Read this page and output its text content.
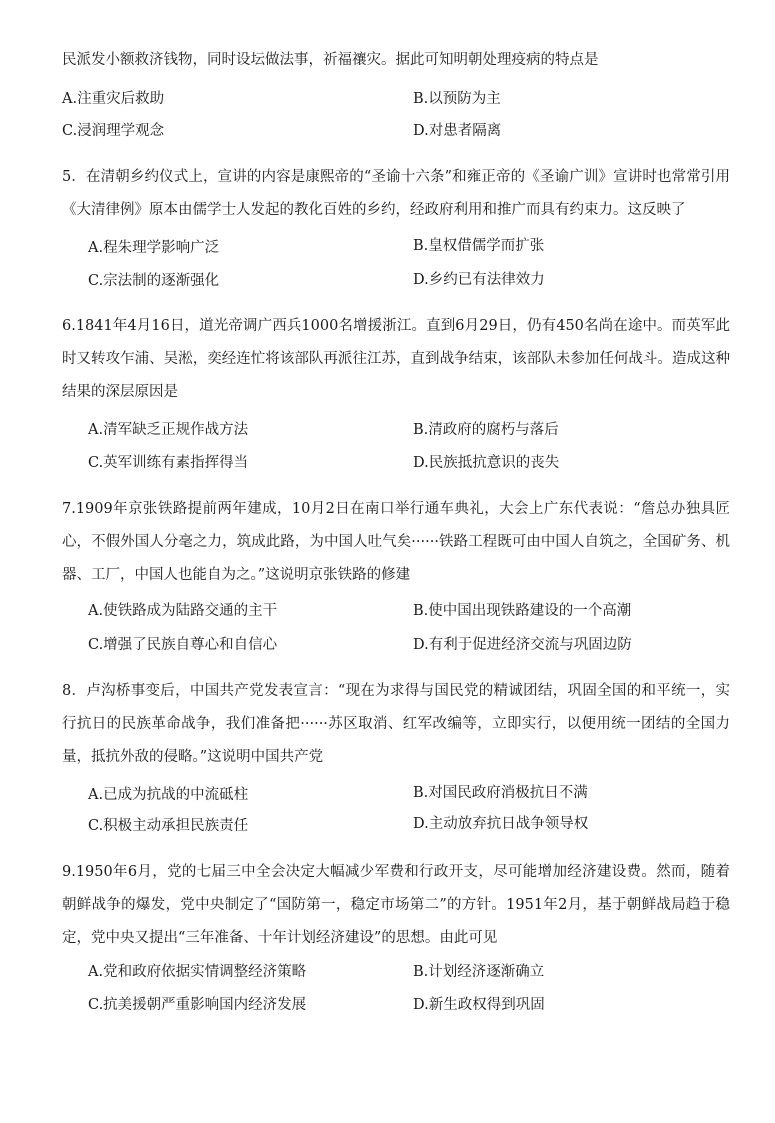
民派发小额救济钱物，同时设坛做法事，祈福禳灾。据此可知明朝处理疫病的特点是

A.注重灾后救助	B.以预防为主
C.浸润理学观念	D.对患者隔离

5．在清朝乡约仪式上，宣讲的内容是康熙帝的“圣谕十六条”和雍正帝的《圣谕广训》宣讲时也常常引用《大清律例》原本由儒学士人发起的教化百姓的乡约，经政府利用和推广而具有约束力。这反映了

A.程朱理学影响广泛	B.皇权借儒学而扩张
C.宗法制的逐渐强化	D.乡约已有法律效力

6.1841年4月16日，道光帝调广西兵1000名增援浙江。直到6月29日，仍有450名尚在途中。而英军此时又转攻乍浦、吴淞，奕经连忙将该部队再派往江苏，直到战争结束，该部队未参加任何战斗。造成这种结果的深层原因是

A.清军缺乏正规作战方法	B.清政府的腐朽与落后
C.英军训练有素指挥得当	D.民族抵抗意识的丧失

7.1909年京张铁路提前两年建成，10月2日在南口举行通车典礼，大会上广东代表说：“詹总办独具匠心，不假外国人分毫之力，筑成此路，为中国人吐气矣······铁路工程既可由中国人自筑之，全国矿务、机器、工厂，中国人也能自为之。”这说明京张铁路的修建

A.使铁路成为陆路交通的主干	B.使中国出现铁路建设的一个高潮
C.增强了民族自尊心和自信心	D.有利于促进经济交流与巩固边防

8．卢沟桥事变后，中国共产党发表宣言：“现在为求得与国民党的精诚团结，巩固全国的和平统一，实行抗日的民族革命战争，我们准备把······苏区取消、红军改编等，立即实行，以便用统一团结的全国力量，抵抗外敌的侵略。”这说明中国共产党

A.已成为抗战的中流砥柱	B.对国民政府消极抗日不满
C.积极主动承担民族责任	D.主动放弃抗日战争领导权

9.1950年6月，党的七届三中全会决定大幅减少军费和行政开支，尽可能增加经济建设费。然而，随着朝鲜战争的爆发，党中央制定了“国防第一，稳定市场第二”的方针。1951年2月，基于朝鲜战局趋于稳定，党中央又提出“三年准备、十年计划经济建设”的思想。由此可见

A.党和政府依据实情调整经济策略	B.计划经济逐渐确立
C.抗美援朝严重影响国内经济发展	D.新生政权得到巩固
